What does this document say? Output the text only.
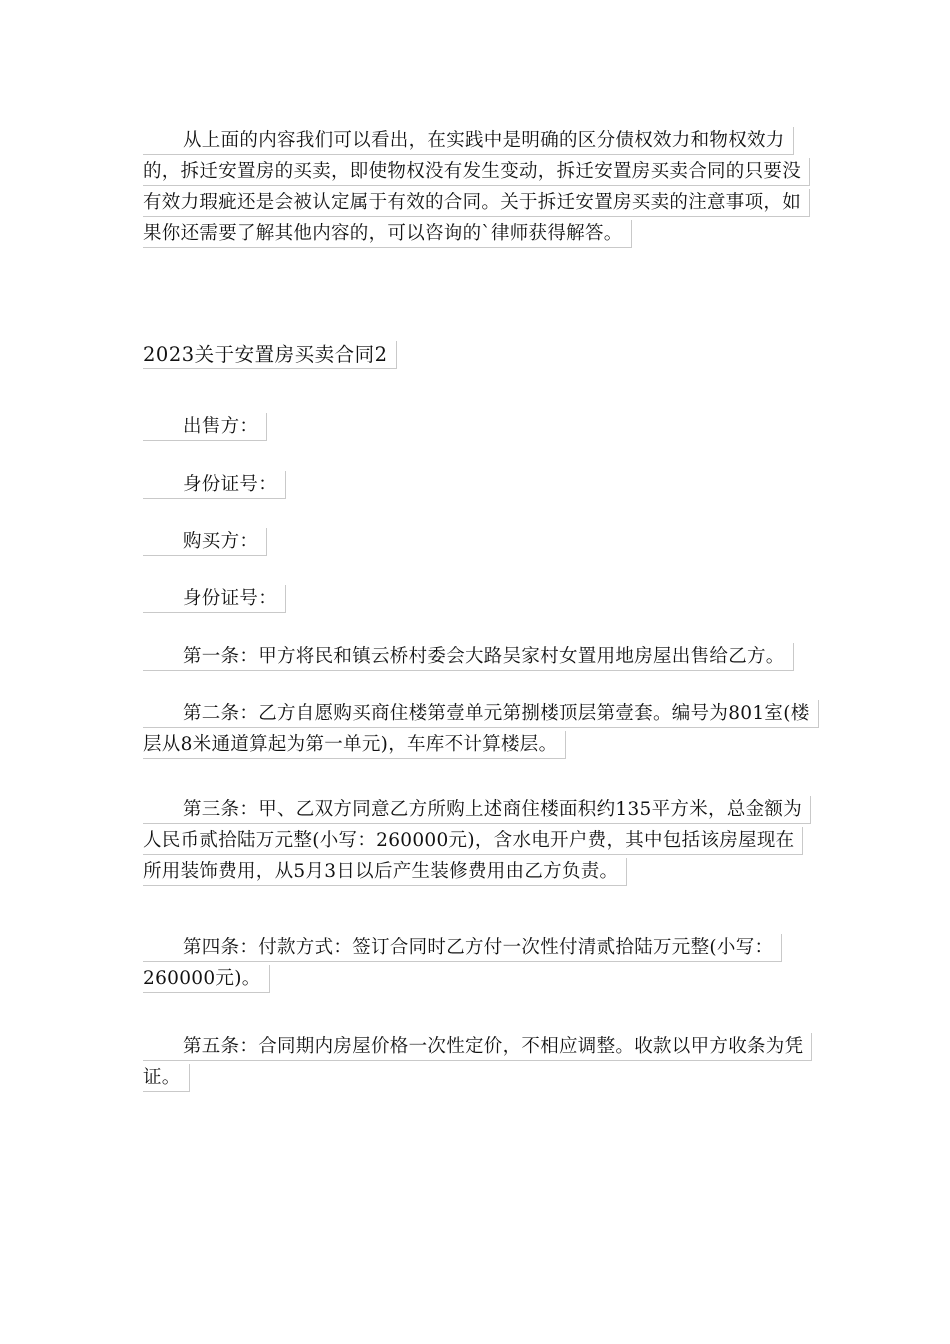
从上面的内容我们可以看出，在实践中是明确的区分债权效力和物权效力
的，拆迁安置房的买卖，即使物权没有发生变动，拆迁安置房买卖合同的只要没
有效力瑕疵还是会被认定属于有效的合同。关于拆迁安置房买卖的注意事项，如
果你还需要了解其他内容的，可以咨询的`律师获得解答。
2023关于安置房买卖合同2
出售方：
身份证号：
购买方：
身份证号：
第一条：甲方将民和镇云桥村委会大路吴家村女置用地房屋出售给乙方。
第二条：乙方自愿购买商住楼第壹单元第捌楼顶层第壹套。编号为801室(楼
层从8米通道算起为第一单元)，车库不计算楼层。
第三条：甲、乙双方同意乙方所购上述商住楼面积约135平方米，总金额为
人民币贰拾陆万元整(小写：260000元)，含水电开户费，其中包括该房屋现在
所用装饰费用，从5月3日以后产生装修费用由乙方负责。
第四条：付款方式：签订合同时乙方付一次性付清贰拾陆万元整(小写：
260000元)。
第五条：合同期内房屋价格一次性定价，不相应调整。收款以甲方收条为凭
证。
